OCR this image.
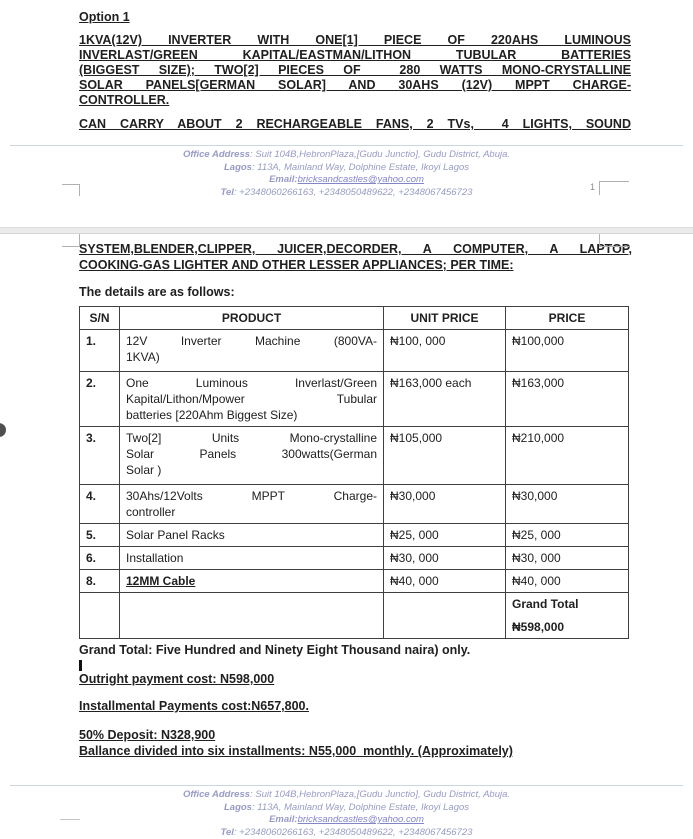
Option 1
1KVA(12V) INVERTER WITH ONE[1] PIECE OF 220AHS LUMINOUS
INVERLAST/GREEN KAPITAL/EASTMAN/LITHON TUBULAR BATTERIES
(BIGGEST SIZE); TWO[2] PIECES OF  280 WATTS MONO-CRYSTALLINE
SOLAR PANELS[GERMAN SOLAR] AND 30AHS (12V) MPPT CHARGE-
CONTROLLER.
CAN CARRY ABOUT 2 RECHARGEABLE FANS, 2 TVs,  4 LIGHTS, SOUND
Office Address: Suit 104B,HebronPlaza,[Gudu Junctio], Gudu District, Abuja.
Lagos: 113A, Mainland Way, Dolphine Estate, Ikoyi Lagos
Email:bricksandcastles@yahoo.com
Tel: +2348060266163, +2348050489622, +2348067456723	1
SYSTEM,BLENDER,CLIPPER, JUICER,DECORDER, A COMPUTER, A LAPTOP,
COOKING-GAS LIGHTER AND OTHER LESSER APPLIANCES; PER TIME:
The details are as follows:
S/N	PRODUCT	UNIT PRICE	PRICE
1.	12V Inverter Machine (800VA-
1KVA)	₦100, 000	₦100,000
2.	One Luminous Inverlast/Green
Kapital/Lithon/Mpower Tubular
batteries [220Ahm Biggest Size)	₦163,000 each	₦163,000
3.	Two[2] Units Mono-crystalline
Solar Panels 300watts(German
Solar )	₦105,000	₦210,000
4.	30Ahs/12Volts MPPT Charge-
controller	₦30,000	₦30,000
5.	Solar Panel Racks	₦25, 000	₦25, 000
6.	Installation	₦30, 000	₦30, 000
8.	12MM Cable	₦40, 000	₦40, 000

			Grand Total
₦598,000
Grand Total: Five Hundred and Ninety Eight Thousand naira) only.
Outright payment cost: N598,000
Installmental Payments cost:N657,800.
50% Deposit: N328,900
Ballance divided into six installments: N55,000  monthly. (Approximately)
Office Address: Suit 104B,HebronPlaza,[Gudu Junctio], Gudu District, Abuja.
Lagos: 113A, Mainland Way, Dolphine Estate, Ikoyi Lagos
Email:bricksandcastles@yahoo.com
Tel: +2348060266163, +2348050489622, +2348067456723
